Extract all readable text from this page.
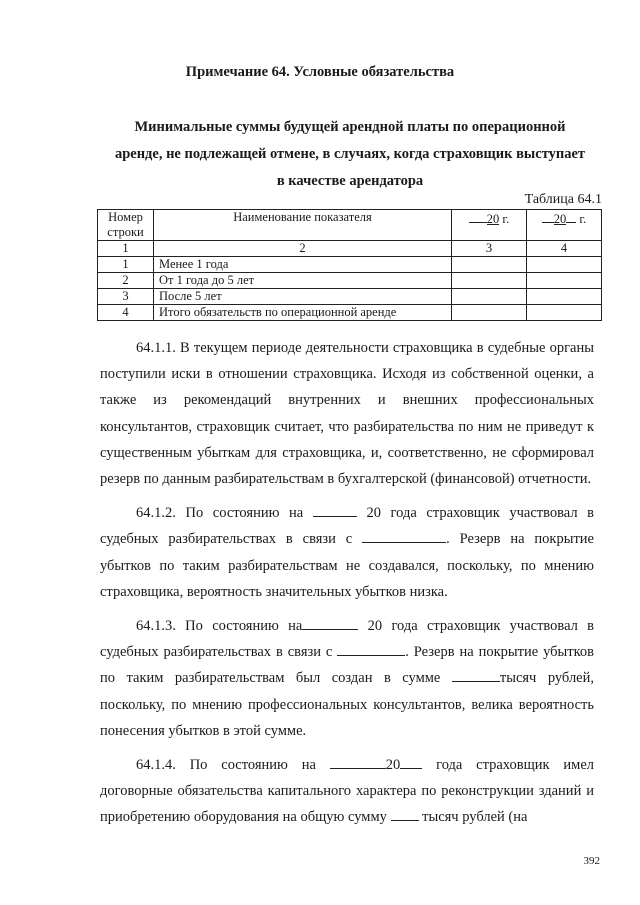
Примечание 64. Условные обязательства
Минимальные суммы будущей арендной платы по операционной аренде, не подлежащей отмене, в случаях, когда страховщик выступает в качестве арендатора

Таблица 64.1

Номер строки	Наименование показателя	20 г.	20 г.
1	2	3	4
1	Менее 1 года		
2	От 1 года до 5 лет		
3	После 5 лет		
4	Итого обязательств по операционной аренде		

64.1.1. В текущем периоде деятельности страховщика в судебные органы поступили иски в отношении страховщика. Исходя из собственной оценки, а также из рекомендаций внутренних и внешних профессиональных консультантов, страховщик считает, что разбирательства по ним не приведут к существенным убыткам для страховщика, и, соответственно, не сформировал резерв по данным разбирательствам в бухгалтерской (финансовой) отчетности.

64.1.2. По состоянию на	20 года страховщик участвовал в судебных разбирательствах в связи с	. Резерв на покрытие убытков по таким разбирательствам не создавался, поскольку, по мнению страховщика, вероятность значительных убытков низка.

64.1.3. По состоянию на	20 года страховщик участвовал в судебных разбирательствах в связи с	. Резерв на покрытие убытков по таким разбирательствам был создан в сумме	тысяч рублей, поскольку, по мнению профессиональных консультантов, велика вероятность понесения убытков в этой сумме.

64.1.4. По состоянию на	20 года страховщик имел договорные обязательства капитального характера по реконструкции зданий и приобретению оборудования на общую сумму тысяч рублей (на

392
